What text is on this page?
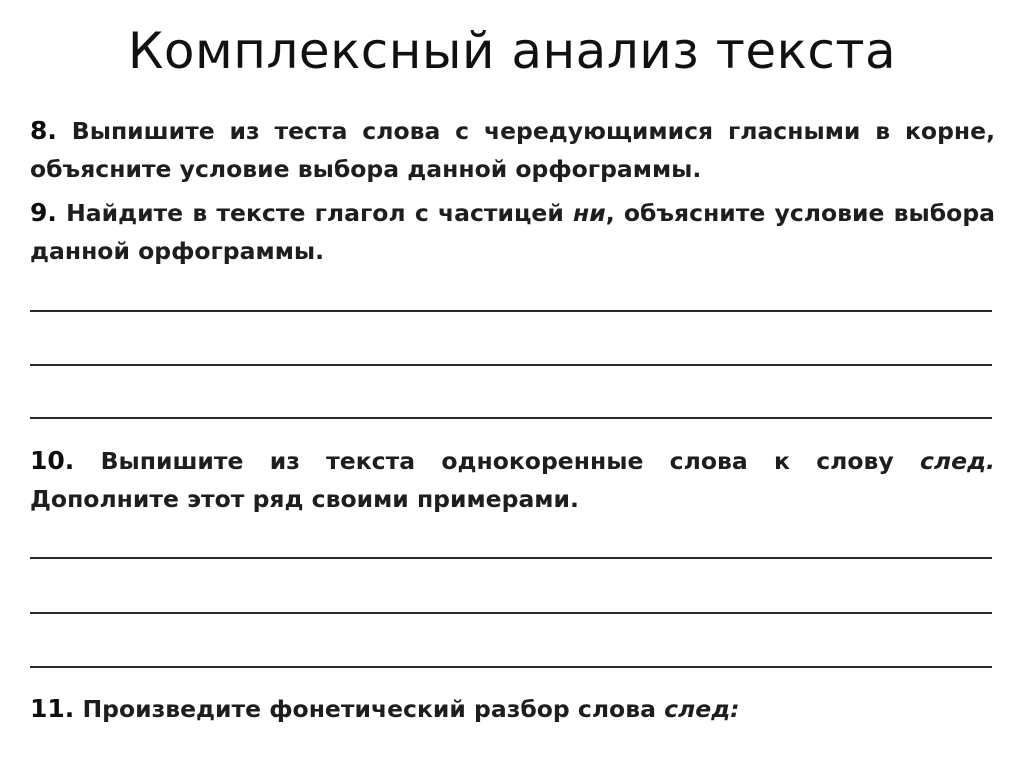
Комплексный анализ текста
8. Выпишите из теста слова с чередующимися гласными в корне, объясните условие выбора данной орфограммы.
9. Найдите в тексте глагол с частицей ни, объясните условие выбора данной орфограммы.
10. Выпишите из текста однокоренные слова к слову след. Дополните этот ряд своими примерами.
11. Произведите фонетический разбор слова след:
